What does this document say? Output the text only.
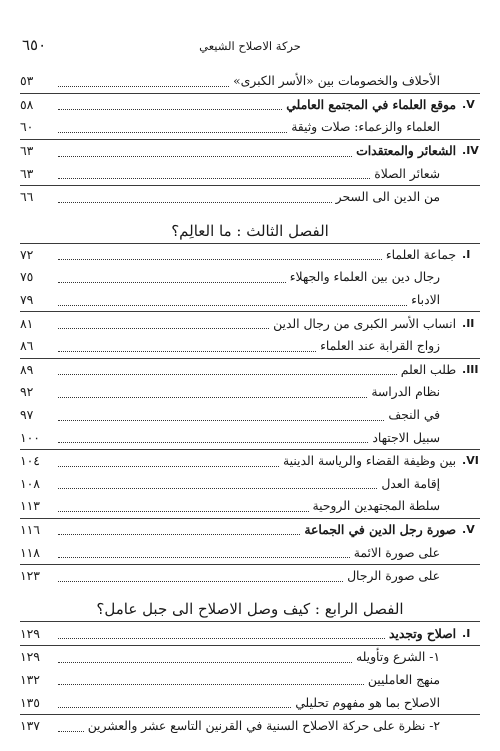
حركة الاصلاح الشيعي
٦٥٠
الأحلاف والخصومات بين «الأسر الكبرى»
٥٣
V.
موقع العلماء في المجتمع العاملي
٥٨
العلماء والزعماء: صلات وثيقة
٦٠
IV.
الشعائر والمعتقدات
٦٣
شعائر الصلاة
٦٣
من الدين الى السحر
٦٦
الفصل الثالث : ما العالِم؟
I.
جماعة العلماء
٧٢
رجال دين بين العلماء والجهلاء
٧٥
الادباء
٧٩
II.
انساب الأسر الكبرى من رجال الدين
٨١
زواج القرابة عند العلماء
٨٦
III.
طلب العلم
٨٩
نظام الدراسة
٩٢
في النجف
٩٧
سبيل الاجتهاد
١٠٠
VI.
بين وظيفة القضاء والرياسة الدينية
١٠٤
إقامة العدل
١٠٨
سلطة المجتهدين الروحية
١١٣
V.
صورة رجل الدين في الجماعة
١١٦
على صورة الائمة
١١٨
على صورة الرجال
١٢٣
الفصل الرابع : كيف وصل الاصلاح الى جبل عامل؟
I.
اصلاح وتجديد
١٢٩
١- الشرع وتأويله
١٢٩
منهج العامليين
١٣٢
الاصلاح بما هو مفهوم تحليلي
١٣٥
٢- نظرة على حركة الاصلاح السنية في القرنين التاسع عشر والعشرين
١٣٧
